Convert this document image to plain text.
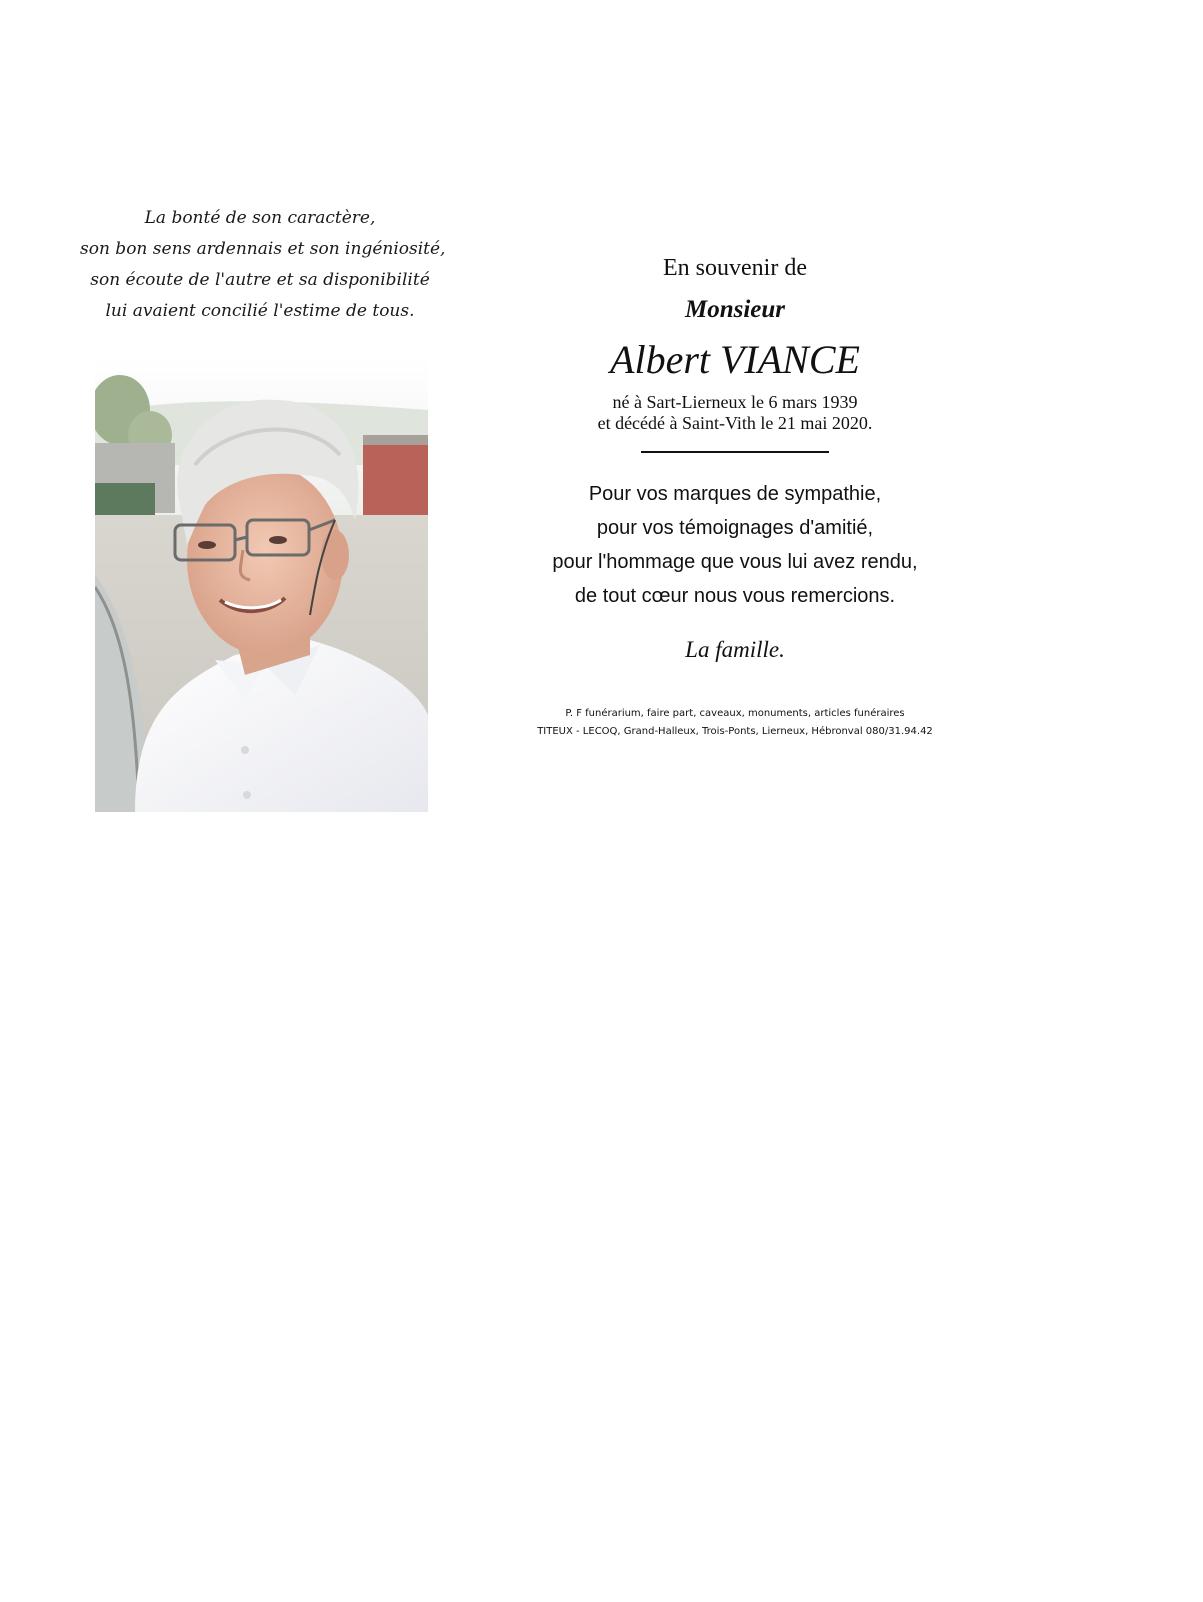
La bonté de son caractère,
son bon sens ardennais et son ingéniosité,
son écoute de l'autre et sa disponibilité
lui avaient concilié l'estime de tous.
En souvenir de
Monsieur
Albert VIANCE
né à Sart-Lierneux le 6 mars 1939
et décédé à Saint-Vith le 21 mai 2020.
Pour vos marques de sympathie,
pour vos témoignages d'amitié,
pour l'hommage que vous lui avez rendu,
de tout cœur nous vous remercions.
La famille.
P. F funérarium, faire part, caveaux, monuments, articles funéraires
TITEUX - LECOQ, Grand-Halleux, Trois-Ponts, Lierneux, Hébronval 080/31.94.42
